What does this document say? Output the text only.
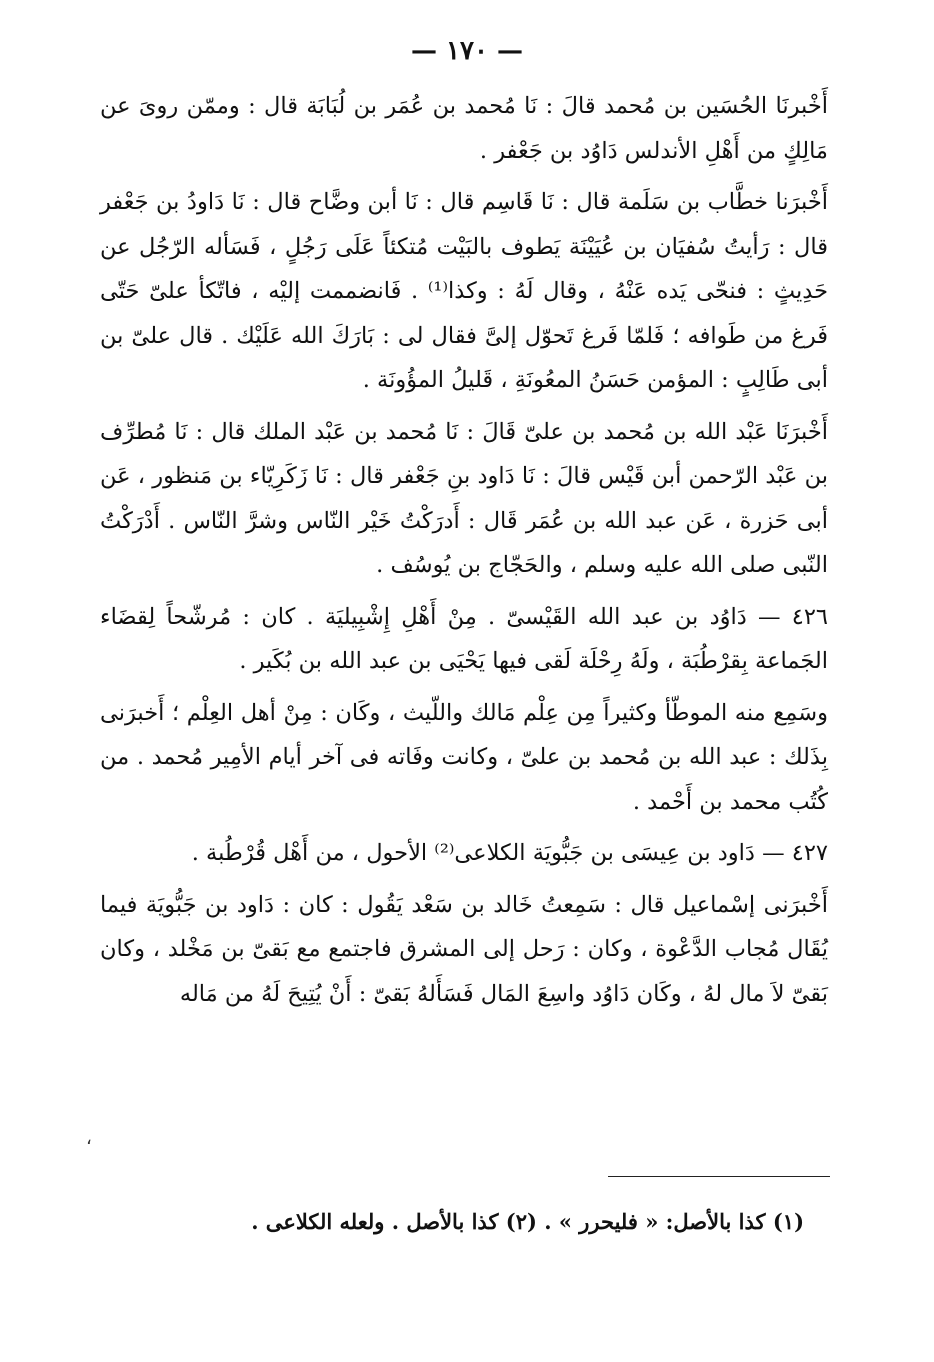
— ١٧٠ —

أَخْبرنَا الحُسَين بن مُحمد قالَ : نَا مُحمد بن عُمَر بن لُبَابَة قال : وممّن روىَ عن مَالِكٍ من أَهْلِ الأندلس دَاوُد بن جَعْفر .

أَخْبرَنا خطَّاب بن سَلَمة قال : نَا قَاسِم قال : نَا أبن وضَّاح قال : نَا دَاودُ بن جَعْفر قال : رَأيتُ سُفيَان بن عُيَيْنَة يَطوف بالبَيْت مُتكئاً عَلَى رَجُلٍ ، فَسَأله الرّجُل عن حَدِيثٍ : فنحّى يَده عَنْهُ ، وقال لَهُ : وكذا⁽¹⁾ . فَانضممت إليْه ، فاتّكأ علىّ حَتّى فَرغ من طَوافه ؛ فَلمّا فَرغ تَحوّل إلىَّ فقال لى : بَارَكَ الله عَلَيْك . قال علىّ بن أبى طَالِبٍ : المؤمن حَسَنُ المعُونَةِ ، قَليلُ المؤُونَة .

أَخْبرَنَا عَبْد الله بن مُحمد بن علىّ قَالَ : نَا مُحمد بن عَبْد الملك قال : نَا مُطرِّف بن عَبْد الرّحمن أبن قَيْس قالَ : نَا دَاود بنِ جَعْفر قال : نَا زَكَرِيّاء بن مَنظور ، عَن أبى حَزرة ، عَن عبد الله بن عُمَر قَال : أَدرَكْتُ خَيْر النّاس وشرَّ النّاس . أَدْرَكْتُ النّبى صلى الله عليه وسلم ، والحَجّاج بن يُوسُف .

٤٢٦ — دَاوُد بن عبد الله القَيْسىّ . مِنْ أَهْلِ إِشْبِيليَة . كان : مُرشّحاً لِقضَاء الجَماعة بِقرْطُبَة ، ولَهُ رِحْلَة لَقى فيها يَحْيَى بن عبد الله بن بُكَير .

وسَمِع منه الموطّأ وكثيراً مِن عِلْم مَالك واللّيث ، وكَان : مِنْ أهل العِلْم ؛ أَخبرَنى بِذَلك : عبد الله بن مُحمد بن علىّ ، وكانت وفَاته فى آخر أيام الأمِير مُحمد . من كُتُب محمد بن أَحْمد .

٤٢٧ — دَاود بن عِيسَى بن جَبُّويَة الكلاعى⁽²⁾ الأحول ، من أَهْل قُرْطُبة .

أَخْبرَنى إسْماعيل قال : سَمِعتُ خَالد بن سَعْد يَقُول : كان : دَاود بن جَبُّويَة فيما يُقَال مُجاب الدَّعْوة ، وكان : رَحل إلى المشرق فاجتمع مع بَقىّ بن مَخْلد ، وكان بَقىّ لاَ مال لهُ ، وكَان دَاوُد واسِعَ المَال فَسَأَلهُ بَقىّ : أَنْ يُتِيحَ لَهُ من مَاله

،
(١) كذا بالأصل: « فليحرر » . (٢) كذا بالأصل . ولعله الكلاعى .
